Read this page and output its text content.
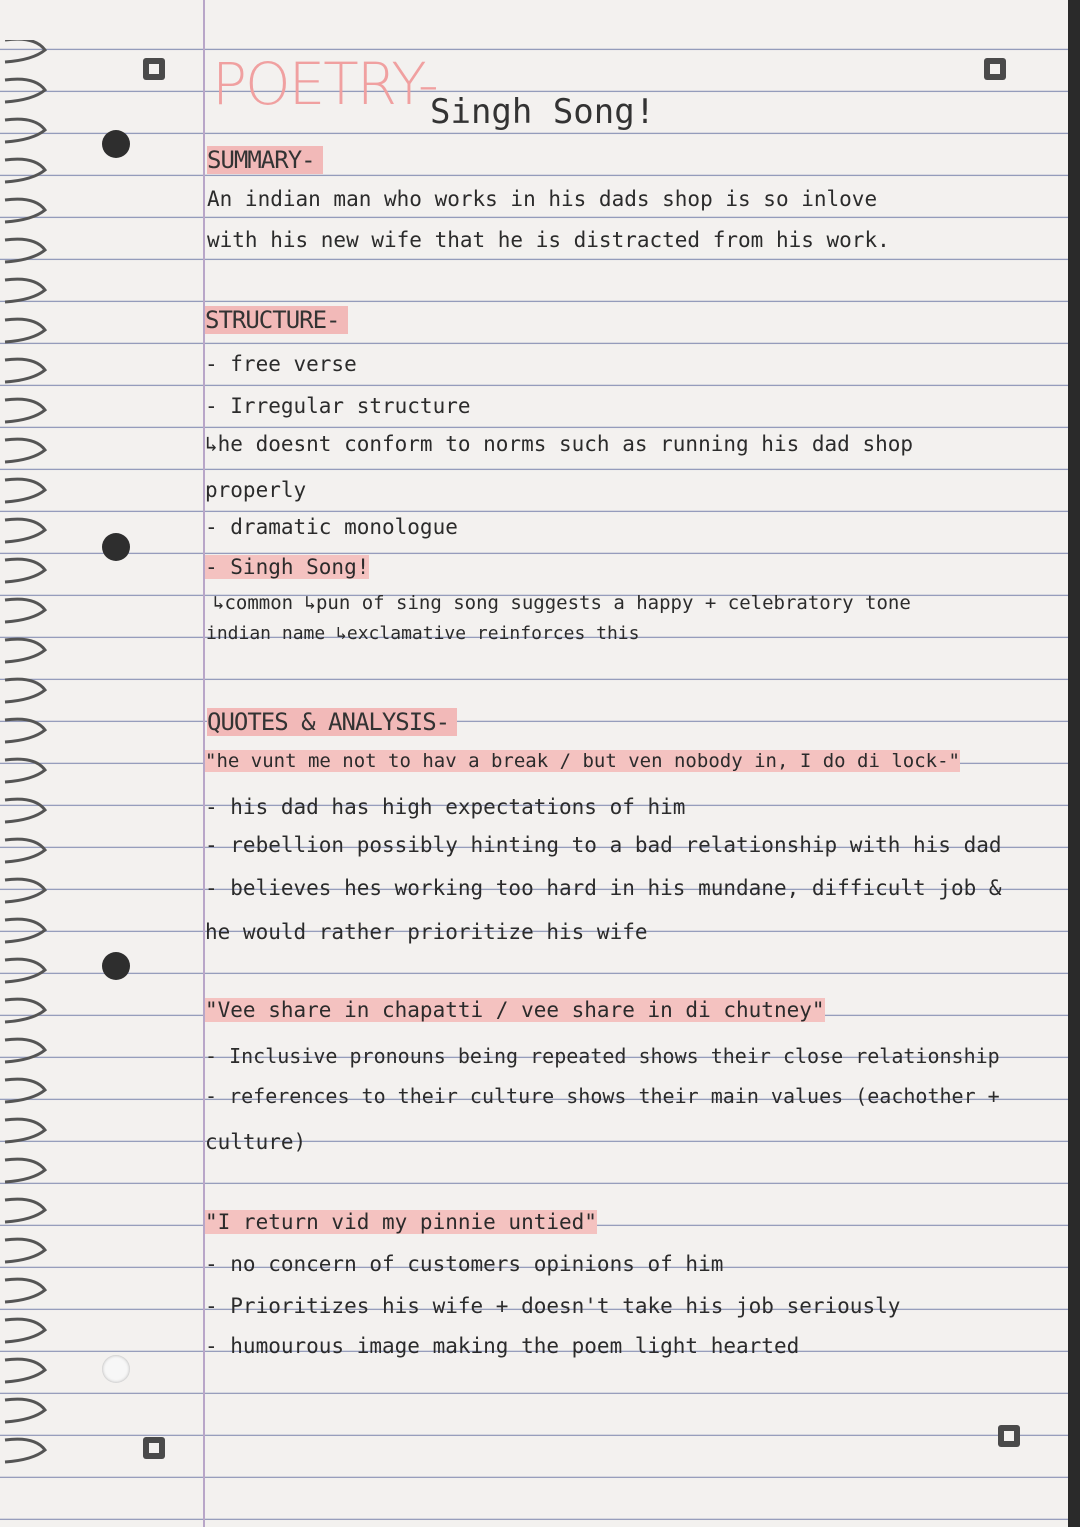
POETRY-
Singh Song!
SUMMARY-
An indian man who works in his dads shop is so inlove
with his new wife that he is distracted from his work.
STRUCTURE-
- free verse
- Irregular structure
↳he doesnt conform to norms such as running his dad shop
properly
- dramatic monologue
- Singh Song!
↳common ↳pun of sing song suggests a happy + celebratory tone
indian name ↳exclamative reinforces this
QUOTES & ANALYSIS-
"he vunt me not to hav a break / but ven nobody in, I do di lock-"
- his dad has high expectations of him
- rebellion possibly hinting to a bad relationship with his dad
- believes hes working too hard in his mundane, difficult job &
he would rather prioritize his wife
"Vee share in chapatti / vee share in di chutney"
- Inclusive pronouns being repeated shows their close relationship
- references to their culture shows their main values (eachother +
culture)
"I return vid my pinnie untied"
- no concern of customers opinions of him
- Prioritizes his wife + doesn't take his job seriously
- humourous image making the poem light hearted
